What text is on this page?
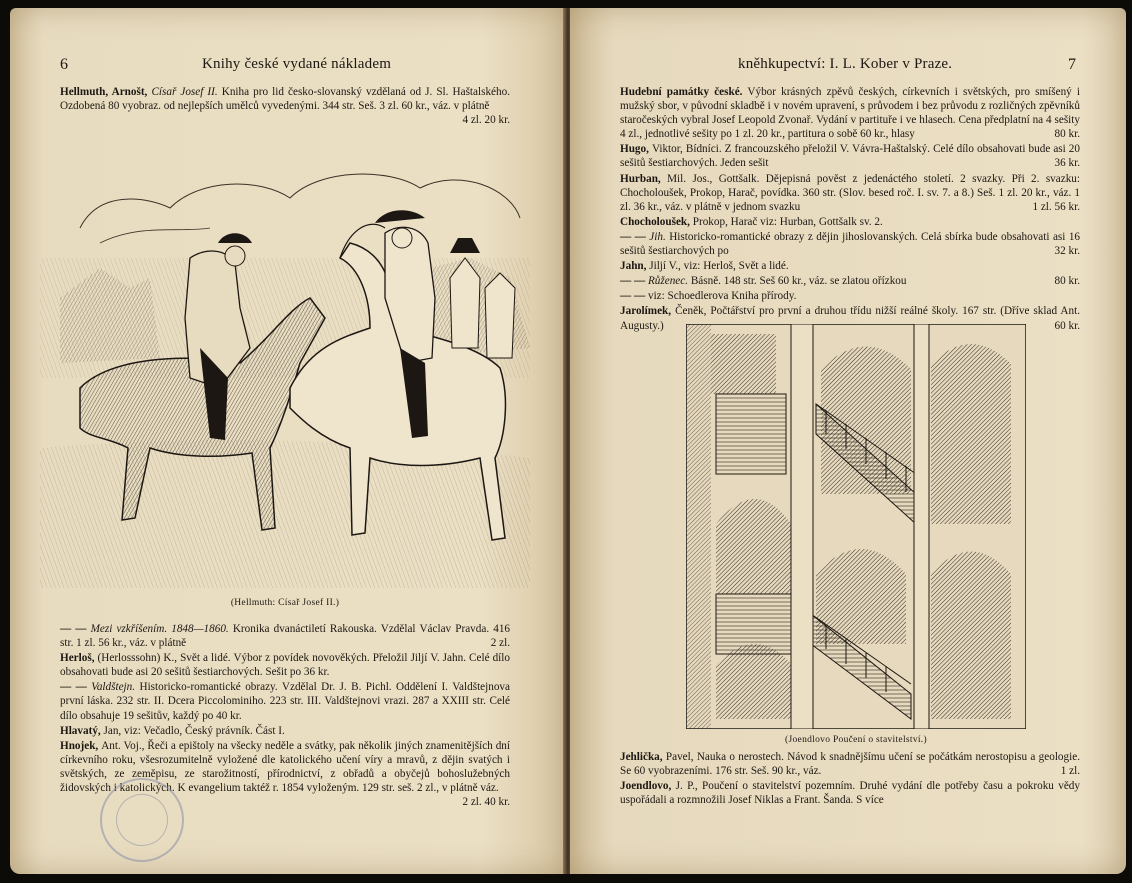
6	Knihy české vydané nákladem

Hellmuth, Arnošt, Císař Josef II. Kniha pro lid česko-slovanský vzdělaná od J. Sl. Haštalského. Ozdobená 80 vyobraz. od nejlepších umělců vyvedenými. 344 str. Seš. 3 zl. 60 kr., váz. v plátně
4 zl. 20 kr.

(Hellmuth: Císař Josef II.)

— — Mezi vzkříšením. 1848—1860. Kronika dvanáctiletí Rakouska. Vzdělal Václav Pravda. 416 str. 1 zl. 56 kr., váz. v plátně	2 zl.

Herloš, (Herlosssohn) K., Svět a lidé. Výbor z povídek novověkých. Přeložil Jiljí V. Jahn. Celé dílo obsahovati bude asi 20 sešitů šestiarchových. Sešit po 36 kr.

— — Valdštejn. Historicko-romantické obrazy. Vzdělal Dr. J. B. Pichl. Oddělení I. Valdštejnova první láska. 232 str. II. Dcera Piccolominiho. 223 str. III. Valdštejnovi vrazi. 287 a XXIII str. Celé dílo obsahuje 19 sešitův, každý po 40 kr.

Hlavatý, Jan, viz: Večadlo, Český právník. Část I.

Hnojek, Ant. Voj., Řeči a epištoly na všecky neděle a svátky, pak několik jiných znamenitějších dní církevního roku, všesrozumitelně vyložené dle katolického učení víry a mravů, z dějin svatých i světských, ze zeměpisu, ze starožitností, přírodnictví, z obřadů a obyčejů bohoslužebných židovských i katolických. K evangelium taktéž r. 1854 vyloženým. 129 str. seš. 2 zl., v plátně váz.
2 zl. 40 kr.

kněhkupectví: I. L. Kober v Praze.	7

Hudební památky české. Výbor krásných zpěvů českých, církevních i světských, pro smíšený i mužský sbor, v původní skladbě i v novém upravení, s průvodem i bez průvodu z rozličných zpěvníků staročeských vybral Josef Leopold Zvonař. Vydání v partituře i ve hlasech. Cena předplatní na 4 sešity 4 zl., jednotlivé sešity po 1 zl. 20 kr., partitura o sobě 60 kr., hlasy	80 kr.

Hugo, Viktor, Bídníci. Z francouzského přeložil V. Vávra-Haštalský. Celé dílo obsahovati bude asi 20 sešitů šestiarchových. Jeden sešit	36 kr.

Hurban, Mil. Jos., Gottšalk. Dějepisná pověst z jedenáctého století. 2 svazky. Při 2. svazku: Chocholoušek, Prokop, Harač, povídka. 360 str. (Slov. besed roč. I. sv. 7. a 8.) Seš. 1 zl. 20 kr., váz. 1 zl. 36 kr., váz. v plátně v jednom svazku	1 zl. 56 kr.

Chocholoušek, Prokop, Harač viz: Hurban, Gottšalk sv. 2.

— — Jih. Historicko-romantické obrazy z dějin jihoslovanských. Celá sbírka bude obsahovati asi 16 sešitů šestiarchových po	32 kr.

Jahn, Jiljí V., viz: Herloš, Svět a lidé.

— — Růženec. Básně. 148 str. Seš 60 kr., váz. se zlatou ořízkou	80 kr.

— — viz: Schoedlerova Kniha přírody.

Jarolímek, Čeněk, Počtářství pro první a druhou třídu nižší reálné školy. 167 str. (Dříve sklad Ant. Augusty.)	60 kr.

(Joendlovo Poučení o stavitelství.)

Jehlička, Pavel, Nauka o nerostech. Návod k snadnějšímu učení se počátkám nerostopisu a geologie. Se 60 vyobrazeními. 176 str. Seš. 90 kr., váz.	1 zl.

Joendlovo, J. P., Poučení o stavitelství pozemním. Druhé vydání dle potřeby času a pokroku vědy uspořádali a rozmnožili Josef Niklas a Frant. Šanda. S více
